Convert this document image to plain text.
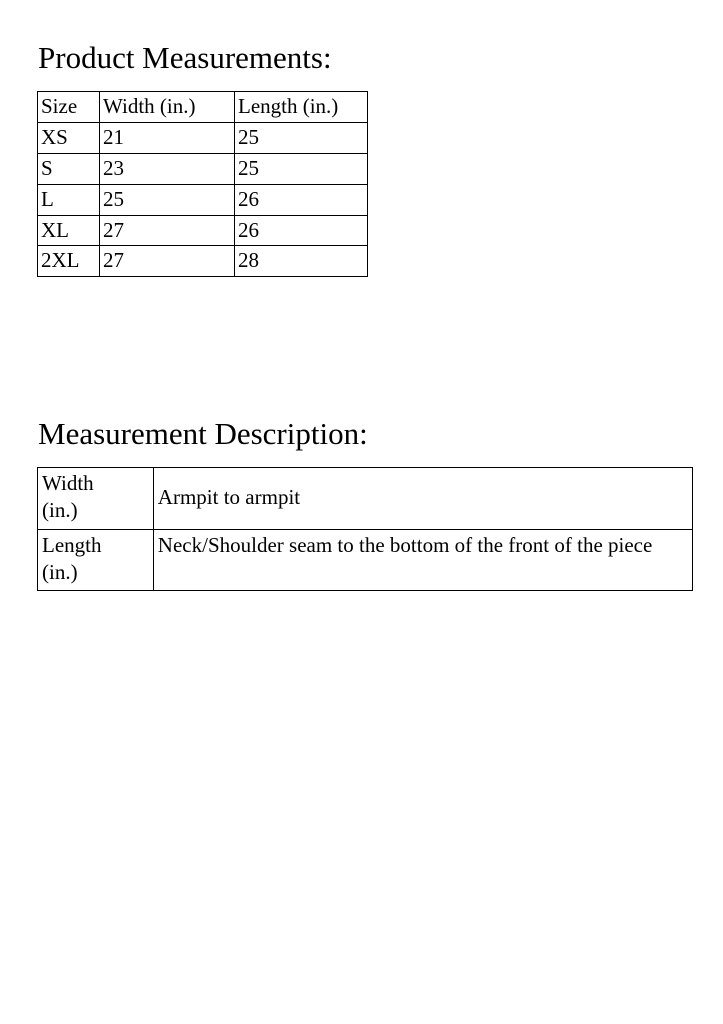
Product Measurements:
Size	Width (in.)	Length (in.)
XS	21	25
S	23	25
L	25	26
XL	27	26
2XL	27	28
Measurement Description:
Width
(in.)	Armpit to armpit

Length
(in.)	Neck/Shoulder seam to the bottom of the front of the piece
